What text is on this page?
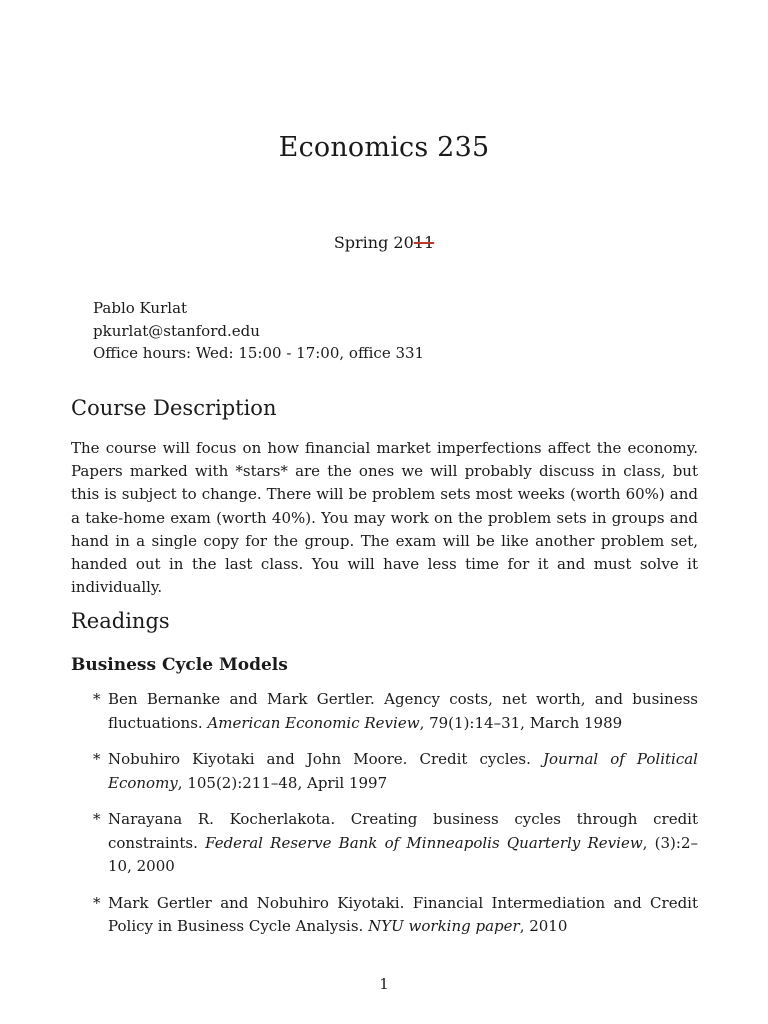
Economics 235
Spring 2011
Pablo Kurlat
pkurlat@stanford.edu
Office hours: Wed: 15:00 - 17:00, office 331
Course Description
The course will focus on how financial market imperfections affect the economy. Papers marked with *stars* are the ones we will probably discuss in class, but this is subject to change. There will be problem sets most weeks (worth 60%) and a take-home exam (worth 40%). You may work on the problem sets in groups and hand in a single copy for the group. The exam will be like another problem set, handed out in the last class. You will have less time for it and must solve it individually.
Readings
Business Cycle Models
* Ben Bernanke and Mark Gertler. Agency costs, net worth, and business fluctuations. American Economic Review, 79(1):14–31, March 1989
* Nobuhiro Kiyotaki and John Moore. Credit cycles. Journal of Political Economy, 105(2):211–48, April 1997
* Narayana R. Kocherlakota. Creating business cycles through credit constraints. Federal Reserve Bank of Minneapolis Quarterly Review, (3):2–10, 2000
* Mark Gertler and Nobuhiro Kiyotaki. Financial Intermediation and Credit Policy in Business Cycle Analysis. NYU working paper, 2010
1
